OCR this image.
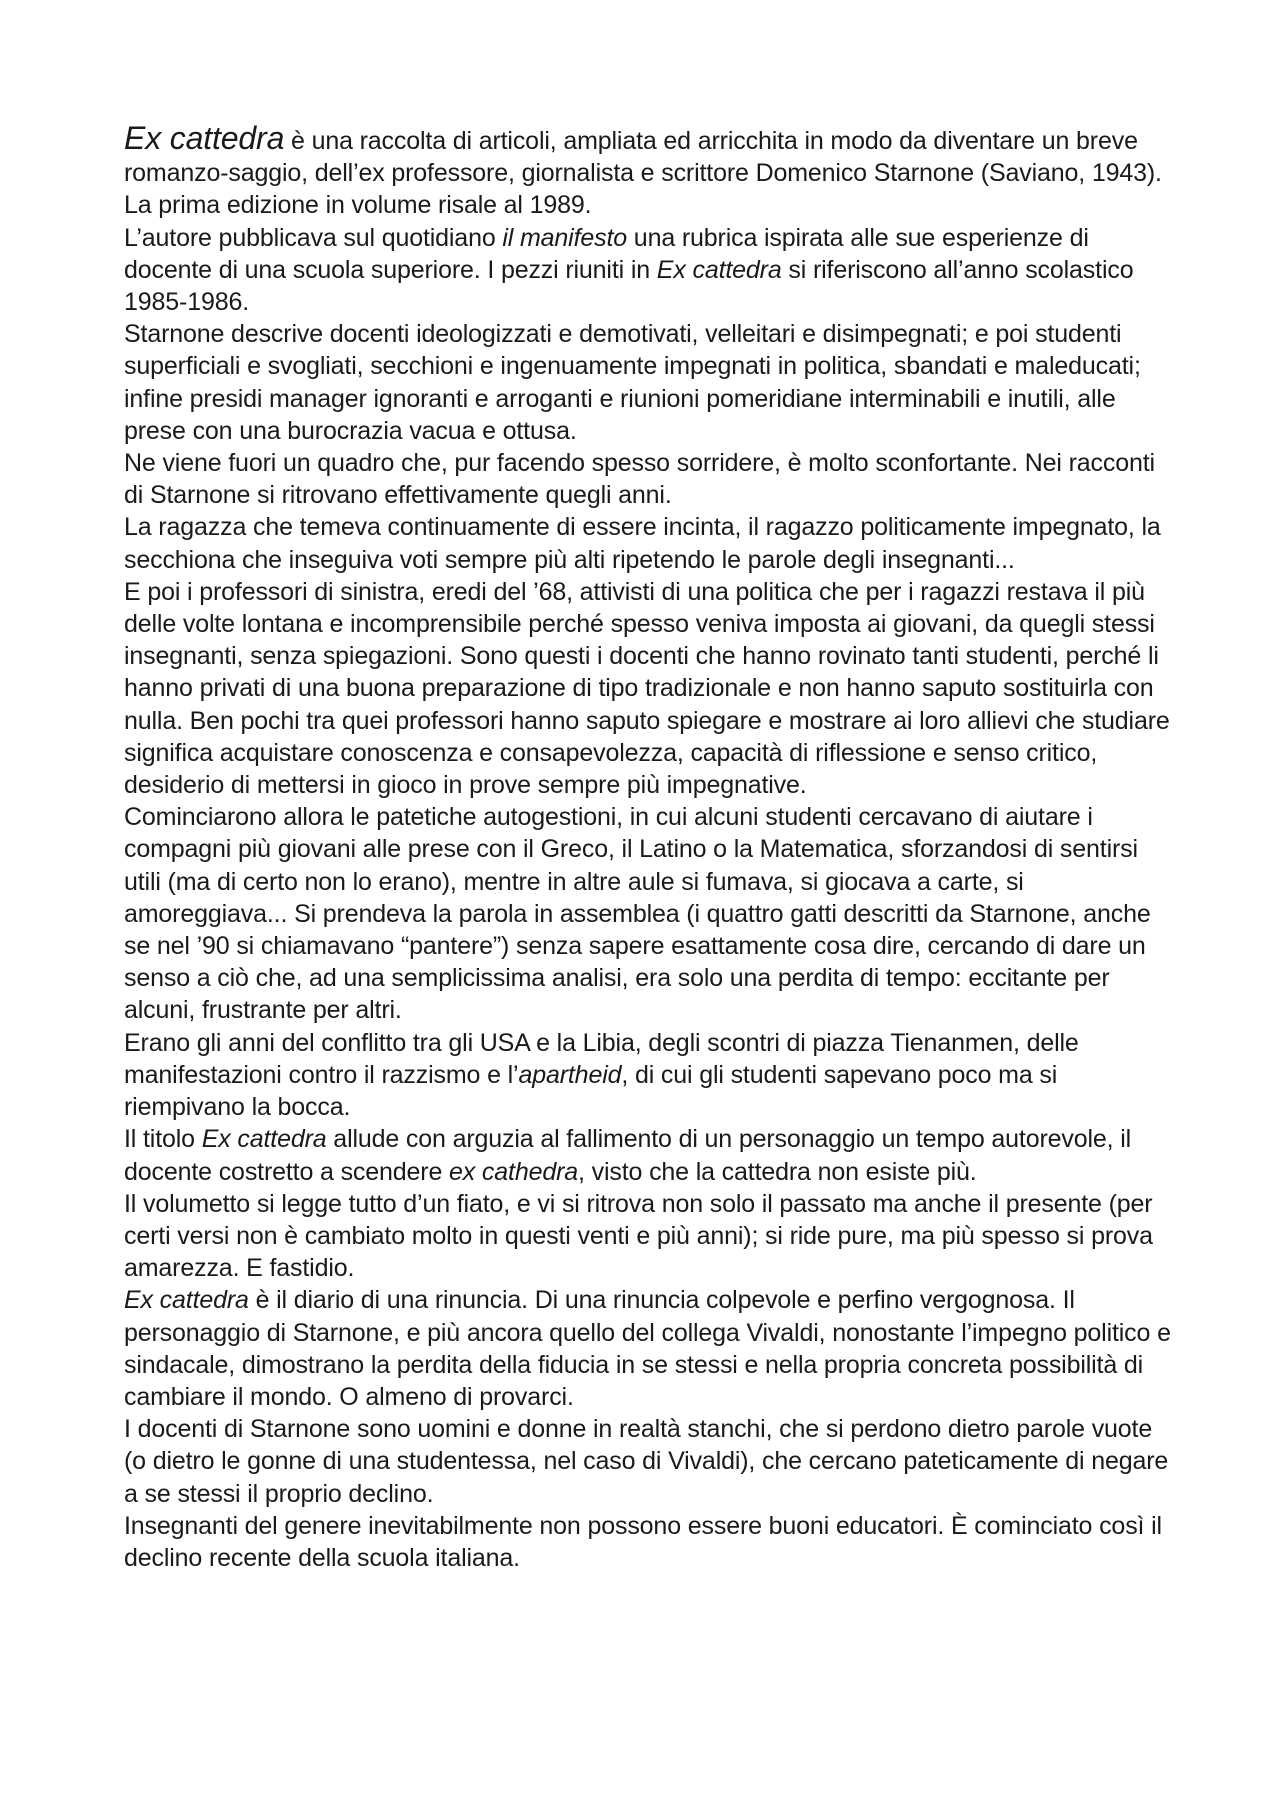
Ex cattedra è una raccolta di articoli, ampliata ed arricchita in modo da diventare un breve romanzo-saggio, dell’ex professore, giornalista e scrittore Domenico Starnone (Saviano, 1943). La prima edizione in volume risale al 1989.

L’autore pubblicava sul quotidiano il manifesto una rubrica ispirata alle sue esperienze di docente di una scuola superiore. I pezzi riuniti in Ex cattedra si riferiscono all’anno scolastico 1985-1986.

Starnone descrive docenti ideologizzati e demotivati, velleitari e disimpegnati; e poi studenti superficiali e svogliati, secchioni e ingenuamente impegnati in politica, sbandati e maleducati; infine presidi manager ignoranti e arroganti e riunioni pomeridiane interminabili e inutili, alle prese con una burocrazia vacua e ottusa.

Ne viene fuori un quadro che, pur facendo spesso sorridere, è molto sconfortante. Nei racconti di Starnone si ritrovano effettivamente quegli anni.

La ragazza che temeva continuamente di essere incinta, il ragazzo politicamente impegnato, la secchiona che inseguiva voti sempre più alti ripetendo le parole degli insegnanti...

E poi i professori di sinistra, eredi del ’68, attivisti di una politica che per i ragazzi restava il più delle volte lontana e incomprensibile perché spesso veniva imposta ai giovani, da quegli stessi insegnanti, senza spiegazioni. Sono questi i docenti che hanno rovinato tanti studenti, perché li hanno privati di una buona preparazione di tipo tradizionale e non hanno saputo sostituirla con nulla. Ben pochi tra quei professori hanno saputo spiegare e mostrare ai loro allievi che studiare significa acquistare conoscenza e consapevolezza, capacità di riflessione e senso critico, desiderio di mettersi in gioco in prove sempre più impegnative.

Cominciarono allora le patetiche autogestioni, in cui alcuni studenti cercavano di aiutare i compagni più giovani alle prese con il Greco, il Latino o la Matematica, sforzandosi di sentirsi utili (ma di certo non lo erano), mentre in altre aule si fumava, si giocava a carte, si amoreggiava... Si prendeva la parola in assemblea (i quattro gatti descritti da Starnone, anche se nel ’90 si chiamavano “pantere”) senza sapere esattamente cosa dire, cercando di dare un senso a ciò che, ad una semplicissima analisi, era solo una perdita di tempo: eccitante per alcuni, frustrante per altri.

Erano gli anni del conflitto tra gli USA e la Libia, degli scontri di piazza Tienanmen, delle manifestazioni contro il razzismo e l’apartheid, di cui gli studenti sapevano poco ma si riempivano la bocca.

Il titolo Ex cattedra allude con arguzia al fallimento di un personaggio un tempo autorevole, il docente costretto a scendere ex cathedra, visto che la cattedra non esiste più.

Il volumetto si legge tutto d’un fiato, e vi si ritrova non solo il passato ma anche il presente (per certi versi non è cambiato molto in questi venti e più anni); si ride pure, ma più spesso si prova amarezza. E fastidio.

Ex cattedra è il diario di una rinuncia. Di una rinuncia colpevole e perfino vergognosa. Il personaggio di Starnone, e più ancora quello del collega Vivaldi, nonostante l’impegno politico e sindacale, dimostrano la perdita della fiducia in se stessi e nella propria concreta possibilità di cambiare il mondo. O almeno di provarci.

I docenti di Starnone sono uomini e donne in realtà stanchi, che si perdono dietro parole vuote (o dietro le gonne di una studentessa, nel caso di Vivaldi), che cercano pateticamente di negare a se stessi il proprio declino.

Insegnanti del genere inevitabilmente non possono essere buoni educatori. È cominciato così il declino recente della scuola italiana.
